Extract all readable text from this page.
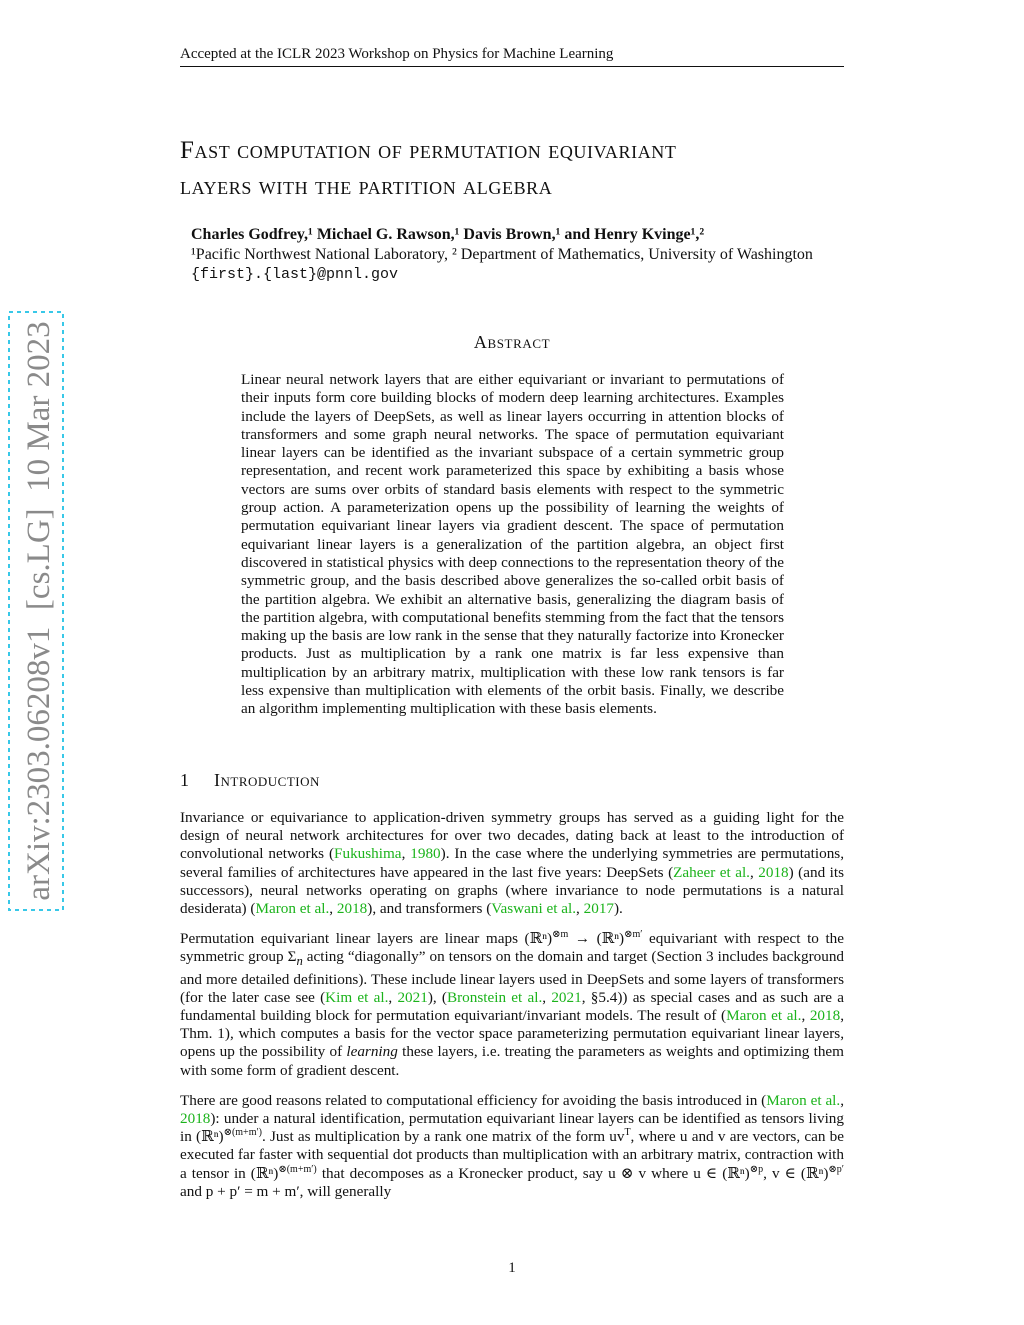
Accepted at the ICLR 2023 Workshop on Physics for Machine Learning
Fast computation of permutation equivariant
layers with the partition algebra
Charles Godfrey,¹ Michael G. Rawson,¹ Davis Brown,¹ and Henry Kvinge¹,²
¹Pacific Northwest National Laboratory, ² Department of Mathematics, University of Washington
{first}.{last}@pnnl.gov
Abstract
Linear neural network layers that are either equivariant or invariant to permutations of their inputs form core building blocks of modern deep learning architectures. Examples include the layers of DeepSets, as well as linear layers occurring in attention blocks of transformers and some graph neural networks. The space of permutation equivariant linear layers can be identified as the invariant subspace of a certain symmetric group representation, and recent work parameterized this space by exhibiting a basis whose vectors are sums over orbits of standard basis elements with respect to the symmetric group action. A parameterization opens up the possibility of learning the weights of permutation equivariant linear layers via gradient descent. The space of permutation equivariant linear layers is a generalization of the partition algebra, an object first discovered in statistical physics with deep connections to the representation theory of the symmetric group, and the basis described above generalizes the so-called orbit basis of the partition algebra. We exhibit an alternative basis, generalizing the diagram basis of the partition algebra, with computational benefits stemming from the fact that the tensors making up the basis are low rank in the sense that they naturally factorize into Kronecker products. Just as multiplication by a rank one matrix is far less expensive than multiplication by an arbitrary matrix, multiplication with these low rank tensors is far less expensive than multiplication with elements of the orbit basis. Finally, we describe an algorithm implementing multiplication with these basis elements.
1 Introduction

Invariance or equivariance to application-driven symmetry groups has served as a guiding light for the design of neural network architectures for over two decades, dating back at least to the introduction of convolutional networks (Fukushima, 1980). In the case where the underlying symmetries are permutations, several families of architectures have appeared in the last five years: DeepSets (Zaheer et al., 2018) (and its successors), neural networks operating on graphs (where invariance to node permutations is a natural desiderata) (Maron et al., 2018), and transformers (Vaswani et al., 2017).

Permutation equivariant linear layers are linear maps (ℝⁿ)$^{\otimes m}$ → (ℝⁿ)$^{\otimes m'}$ equivariant with respect to the symmetric group $\Sigma_n$ acting “diagonally” on tensors on the domain and target (Section 3 includes background and more detailed definitions). These include linear layers used in DeepSets and some layers of transformers (for the later case see (Kim et al., 2021), (Bronstein et al., 2021, §5.4)) as special cases and as such are a fundamental building block for permutation equivariant/invariant models. The result of (Maron et al., 2018, Thm. 1), which computes a basis for the vector space parameterizing permutation equivariant linear layers, opens up the possibility of learning these layers, i.e. treating the parameters as weights and optimizing them with some form of gradient descent.

There are good reasons related to computational efficiency for avoiding the basis introduced in (Maron et al., 2018): under a natural identification, permutation equivariant linear layers can be identified as tensors living in (ℝⁿ)$^{\otimes(m+m')}$. Just as multiplication by a rank one matrix of the form $uv^T$, where u and v are vectors, can be executed far faster with sequential dot products than multiplication with an arbitrary matrix, contraction with a tensor in (ℝⁿ)$^{\otimes(m+m')}$ that decomposes as a Kronecker product, say u ⊗ v where u ∈ (ℝⁿ)$^{\otimes p}$, v ∈ (ℝⁿ)$^{\otimes p'}$ and p + p′ = m + m′, will generally

1
arXiv:2303.06208v1  [cs.LG]  10 Mar 2023
